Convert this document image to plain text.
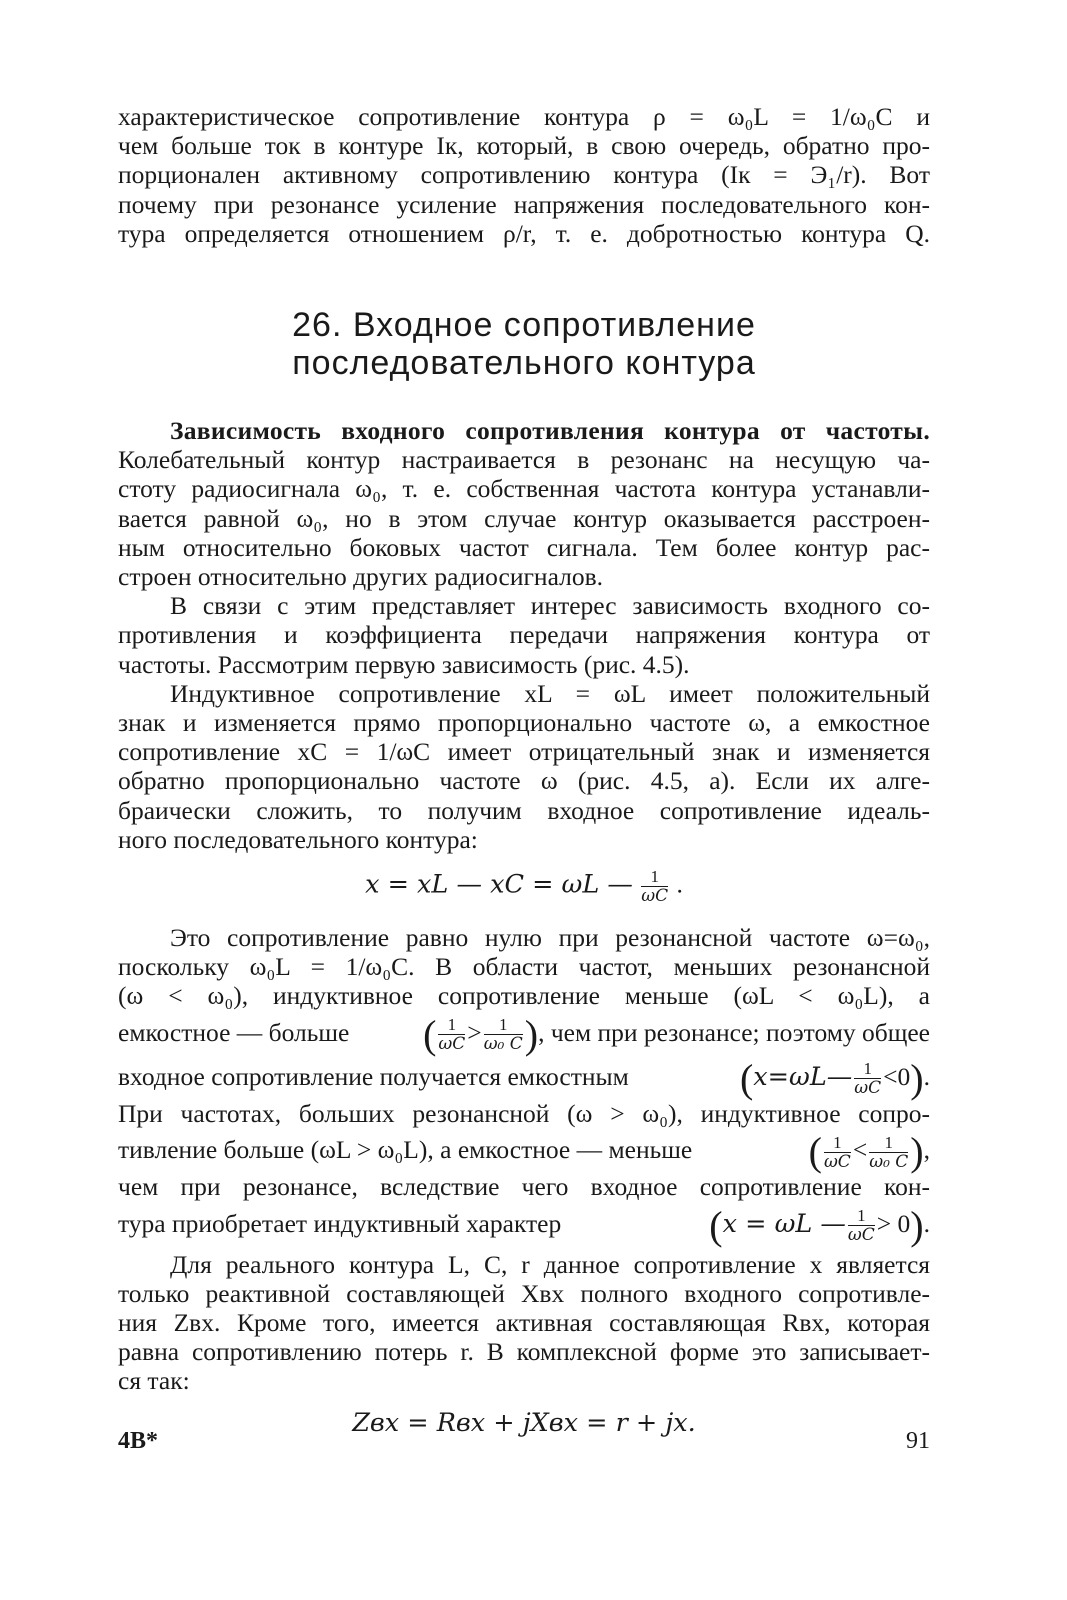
характеристическое сопротивление контура ρ = ω₀L = 1/ω₀C и

чем больше ток в контуре Iк, который, в свою очередь, обратно про-

порционален активному сопротивлению контура (Iк = Э₁/r). Вот

почему при резонансе усиление напряжения последовательного кон-

тура определяется отношением ρ/r, т. е. добротностью контура Q.

26. Входное сопротивление
последовательного контура

Зависимость входного сопротивления контура от частоты.

Колебательный контур настраивается в резонанс на несущую ча-

стоту радиосигнала ω₀, т. е. собственная частота контура устанавли-

вается равной ω₀, но в этом случае контур оказывается расстроен-

ным относительно боковых частот сигнала. Тем более контур рас-

строен относительно других радиосигналов.

В связи с этим представляет интерес зависимость входного со-

противления и коэффициента передачи напряжения контура от

частоты. Рассмотрим первую зависимость (рис. 4.5).

Индуктивное сопротивление xL = ωL имеет положительный

знак и изменяется прямо пропорционально частоте ω, а емкостное

сопротивление xC = 1/ωC имеет отрицательный знак и изменяется

обратно пропорционально частоте ω (рис. 4.5, а). Если их алге-

браически сложить, то получим входное сопротивление идеаль-

ного последовательного контура:

x = xL — xC = ωL — $\frac{1}{\omega C}$ .

Это сопротивление равно нулю при резонансной частоте ω=ω₀,

поскольку ω₀L = 1/ω₀C. В области частот, меньших резонансной

(ω < ω₀), индуктивное сопротивление меньше (ωL < ω₀L), а

емкостное — больше ( $\frac{1}{\omega C} > \frac{1}{\text{ω₀ C}}$ ), чем при резонансе; поэтому общее
входное сопротивление получается емкостным	(x=ωL— $\frac{1}{\omega C} <0$).

При частотах, больших резонансной (ω > ω₀), индуктивное сопро-

тивление больше (ωL > ω₀L), а емкостное — меньше	( $\frac{1}{\omega C} < \frac{1}{\text{ω₀ C}}$ ),

чем при резонансе, вследствие чего входное сопротивление кон-

тура приобретает индуктивный характер	(x = ωL — $\frac{1}{\omega C} > 0$).

Для реального контура L, C, r данное сопротивление x является

только реактивной составляющей Xвх полного входного сопротивле-

ния Zвх. Кроме того, имеется активная составляющая Rвх, которая

равна сопротивлению потерь r. В комплексной форме это записывает-

ся так:

Zвх = Rвх + jXвх = r + jx.
4В*	91
